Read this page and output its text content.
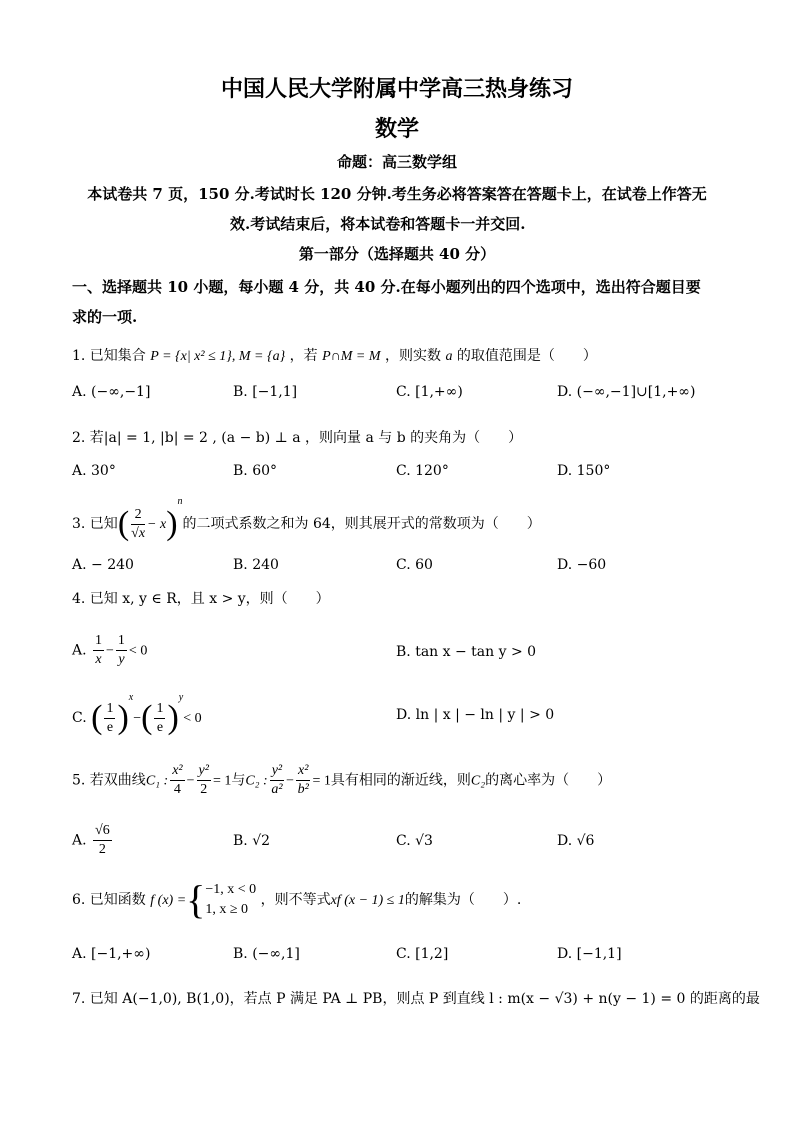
中国人民大学附属中学高三热身练习
数学
命题：高三数学组
本试卷共 7 页，150 分.考试时长 120 分钟.考生务必将答案答在答题卡上，在试卷上作答无
效.考试结束后，将本试卷和答题卡一并交回.
第一部分（选择题共 40 分）
一、选择题共 10 小题，每小题 4 分，共 40 分.在每小题列出的四个选项中，选出符合题目要
求的一项.
1. 已知集合 P = {x| x² ≤ 1}, M = {a} ，若 P∩M = M ，则实数 a 的取值范围是（　　）
A. (−∞,−1]	B. [−1,1]	C. [1,+∞)	D. (−∞,−1]∪[1,+∞)
2. 若|a| = 1, |b| = 2 , (a − b) ⊥ a ，则向量 a 与 b 的夹角为（　　）
A. 30°	B. 60°	C. 120°	D. 150°
3. 已知( $\frac{2}{√x} - x)^n$的二项式系数之和为 64，则其展开式的常数项为（　　）
A. − 240	B. 240	C. 60	D. −60
4. 已知 x, y ∈ R，且 x > y，则（　　）
A. $\frac{1}{x} - \frac{1}{y} < 0$	B. tan x − tan y > 0
C. ( $\frac{1}{e} )^x-( \frac{1}{e} )^y< 0$	D. ln | x | − ln | y | > 0
5. 若双曲线C₁ : $\frac{\text{x²}}{4} - \frac{\text{y²}}{2} = 1$与C₂ : $\frac{\text{y²}}{\text{a²}} - \frac{\text{x²}}{\text{b²}} = 1$具有相同的渐近线，则C₂的离心率为（　　）
A. $\frac{√6}{2}$	B. √2	C. √3	D. √6
6. 已知函数 f (x) ={ −1, x < 0
1, x ≥ 0
，则不等式xf (x − 1) ≤ 1的解集为（　　）.
A. [−1,+∞)	B. (−∞,1]	C. [1,2]	D. [−1,1]
7. 已知 A(−1,0), B(1,0)，若点 P 满足 PA ⊥ PB，则点 P 到直线 l : m(x − √3) + n(y − 1) = 0 的距离的最
